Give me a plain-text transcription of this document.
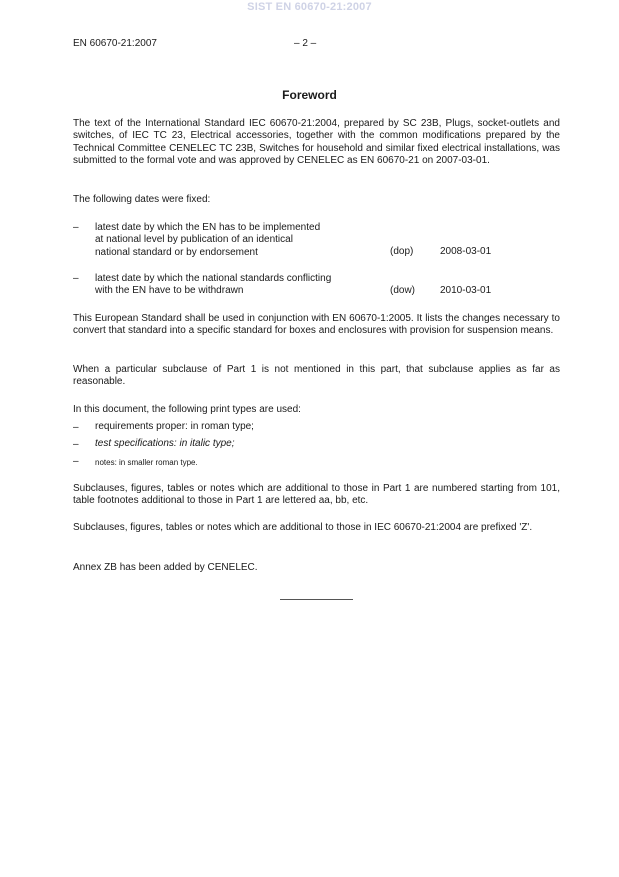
SIST EN 60670-21:2007
EN 60670-21:2007	– 2 –
Foreword
The text of the International Standard IEC 60670-21:2004, prepared by SC 23B, Plugs, socket-outlets and switches, of IEC TC 23, Electrical accessories, together with the common modifications prepared by the Technical Committee CENELEC TC 23B, Switches for household and similar fixed electrical installations, was submitted to the formal vote and was approved by CENELEC as EN 60670-21 on 2007-03-01.
The following dates were fixed:
– latest date by which the EN has to be implemented
at national level by publication of an identical
national standard or by endorsement	(dop)	2008-03-01
– latest date by which the national standards conflicting
with the EN have to be withdrawn	(dow) 2010-03-01
This European Standard shall be used in conjunction with EN 60670-1:2005. It lists the changes necessary to convert that standard into a specific standard for boxes and enclosures with provision for suspension means.
When a particular subclause of Part 1 is not mentioned in this part, that subclause applies as far as reasonable.
In this document, the following print types are used:
– requirements proper: in roman type;
– test specifications: in italic type;
– notes: in smaller roman type.
Subclauses, figures, tables or notes which are additional to those in Part 1 are numbered starting from 101, table footnotes additional to those in Part 1 are lettered aa, bb, etc.
Subclauses, figures, tables or notes which are additional to those in IEC 60670-21:2004 are prefixed 'Z'.
Annex ZB has been added by CENELEC.
